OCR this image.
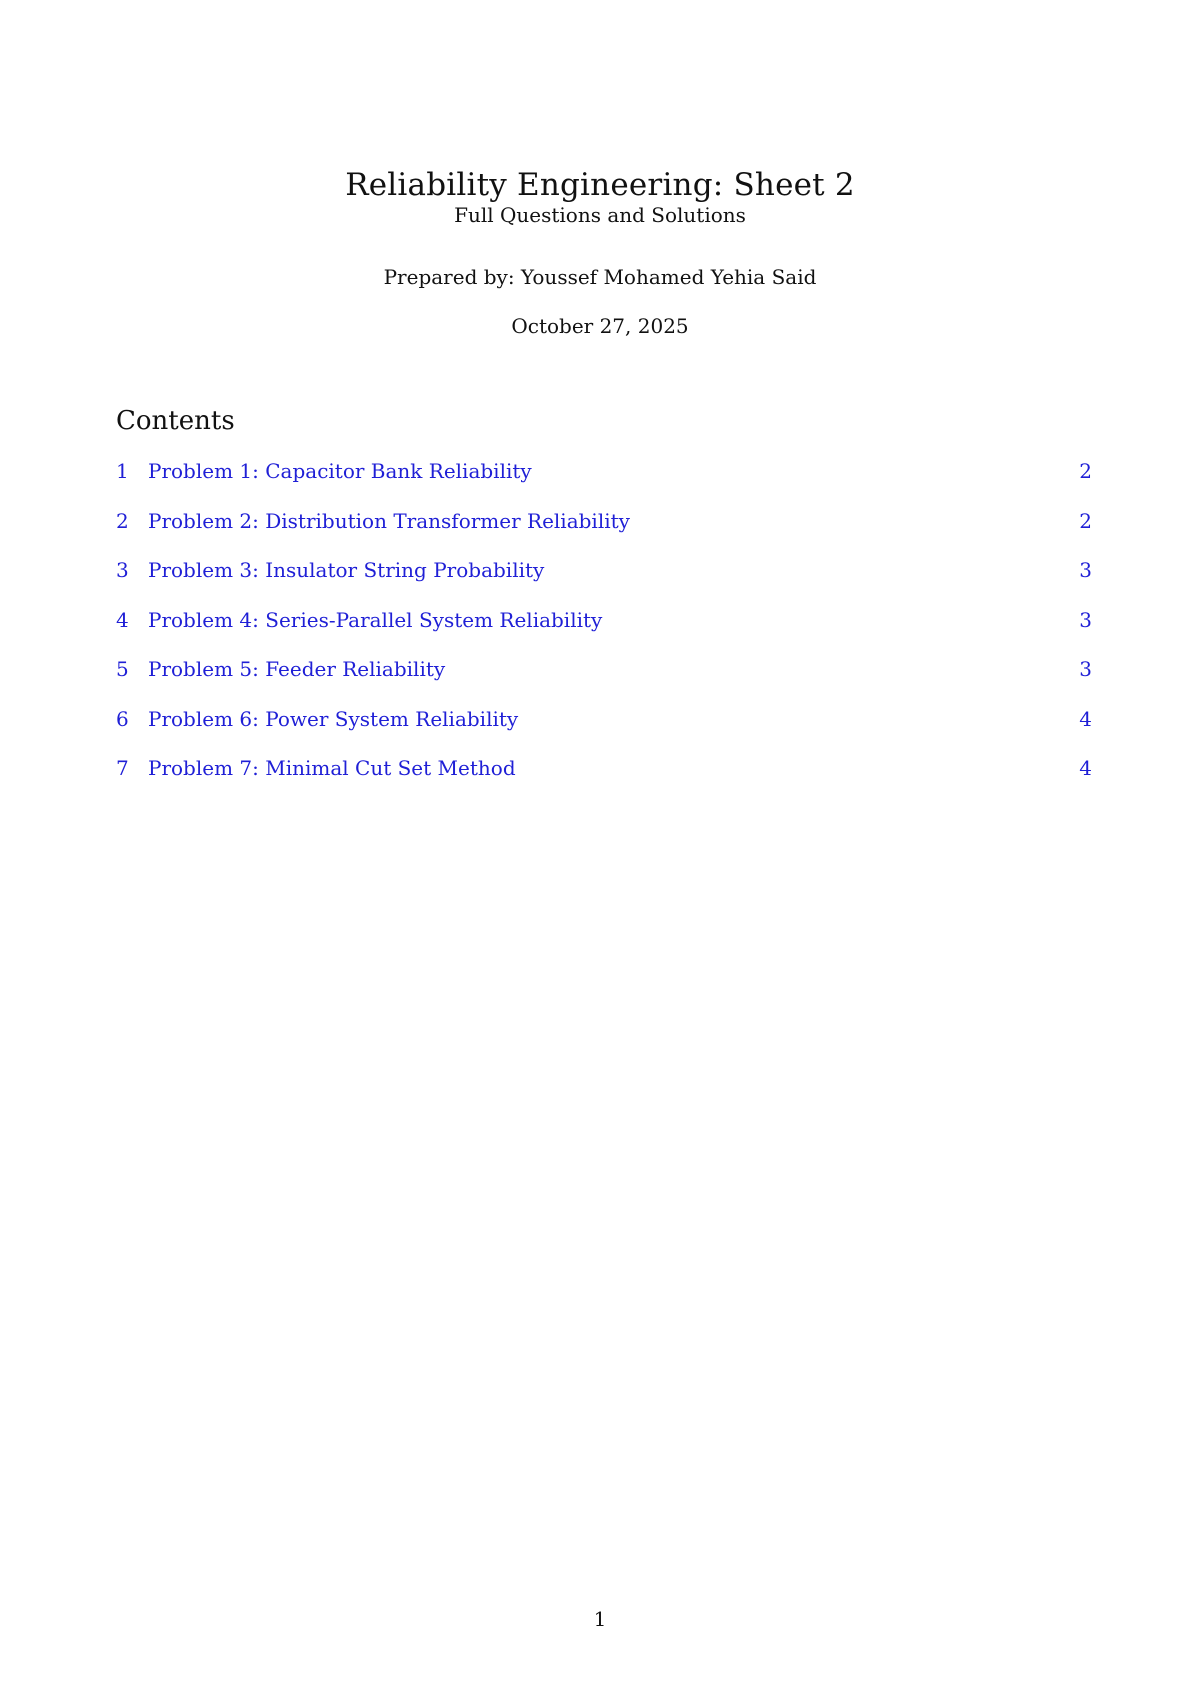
Reliability Engineering: Sheet 2
Full Questions and Solutions
Prepared by: Youssef Mohamed Yehia Said
October 27, 2025
Contents
1 Problem 1: Capacitor Bank Reliability	2
2 Problem 2: Distribution Transformer Reliability	2
3 Problem 3: Insulator String Probability	3
4 Problem 4: Series-Parallel System Reliability	3
5 Problem 5: Feeder Reliability	3
6 Problem 6: Power System Reliability	4
7 Problem 7: Minimal Cut Set Method	4
1
